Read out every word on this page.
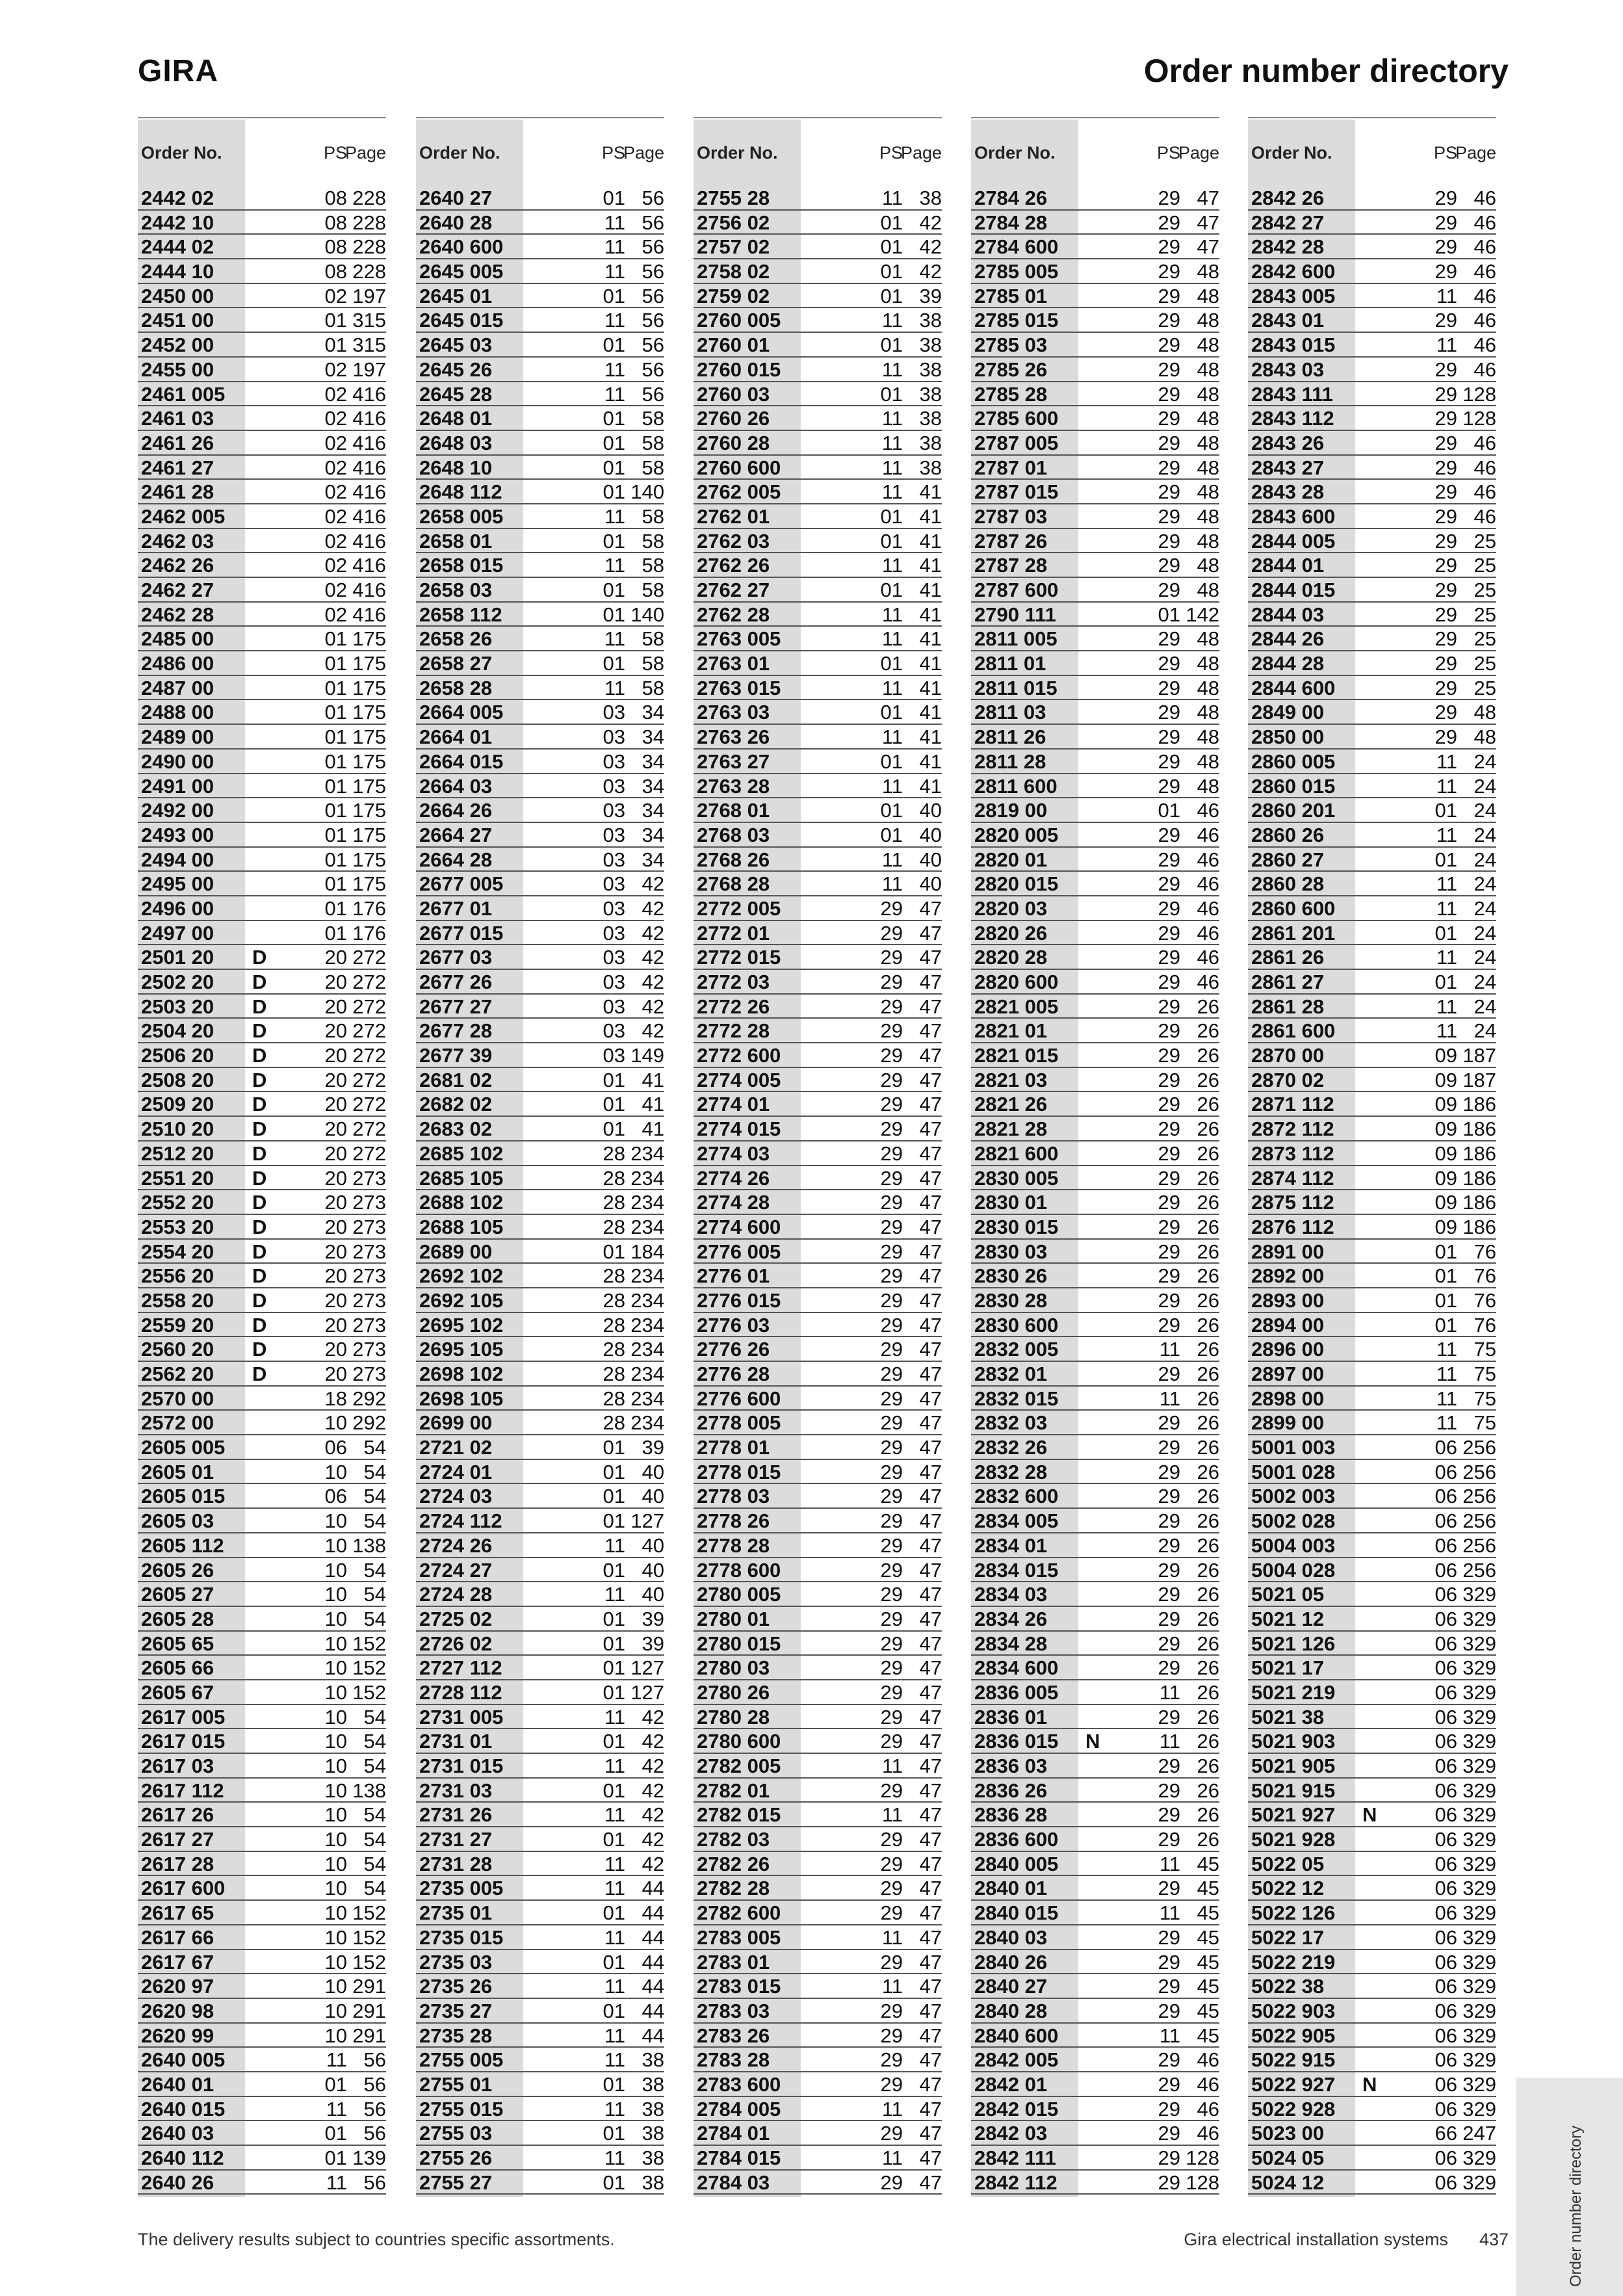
GIRA	Order number directory
Order No.	PS
Page
2442 02	08 228
2442 10	08 228
2444 02	08 228
2444 10	08 228
2450 00	02 197
2451 00	01 315
2452 00	01 315
2455 00	02 197
2461 005	02 416
2461 03	02 416
2461 26	02 416
2461 27	02 416
2461 28	02 416
2462 005	02 416
2462 03	02 416
2462 26	02 416
2462 27	02 416
2462 28	02 416
2485 00	01 175
2486 00	01 175
2487 00	01 175
2488 00	01 175
2489 00	01 175
2490 00	01 175
2491 00	01 175
2492 00	01 175
2493 00	01 175
2494 00	01 175
2495 00	01 175
2496 00	01 176
2497 00	01 176
2501 20 D	20 272
2502 20 D	20 272
2503 20 D	20 272
2504 20 D	20 272
2506 20 D	20 272
2508 20 D	20 272
2509 20 D	20 272
2510 20 D	20 272
2512 20 D	20 272
2551 20 D	20 273
2552 20 D	20 273
2553 20 D	20 273
2554 20 D	20 273
2556 20 D	20 273
2558 20 D	20 273
2559 20 D	20 273
2560 20 D	20 273
2562 20 D	20 273
2570 00	18 292
2572 00	10 292
2605 005	06 54
2605 01	10 54
2605 015	06 54
2605 03	10 54
2605 112	10 138
2605 26	10 54
2605 27	10 54
2605 28	10 54
2605 65	10 152
2605 66	10 152
2605 67	10 152
2617 005	10 54
2617 015	10 54
2617 03	10 54
2617 112	10 138
2617 26	10 54
2617 27	10 54
2617 28	10 54
2617 600	10 54
2617 65	10 152
2617 66	10 152
2617 67	10 152
2620 97	10 291
2620 98	10 291
2620 99	10 291
2640 005	11 56
2640 01	01 56
2640 015	11 56
2640 03	01 56
2640 112	01 139
2640 26	11 56
Order No.	PS
Page
2640 27	01 56
2640 28	11 56
2640 600	11 56
2645 005	11 56
2645 01	01 56
2645 015	11 56
2645 03	01 56
2645 26	11 56
2645 28	11 56
2648 01	01 58
2648 03	01 58
2648 10	01 58
2648 112	01 140
2658 005	11 58
2658 01	01 58
2658 015	11 58
2658 03	01 58
2658 112	01 140
2658 26	11 58
2658 27	01 58
2658 28	11 58
2664 005	03 34
2664 01	03 34
2664 015	03 34
2664 03	03 34
2664 26	03 34
2664 27	03 34
2664 28	03 34
2677 005	03 42
2677 01	03 42
2677 015	03 42
2677 03	03 42
2677 26	03 42
2677 27	03 42
2677 28	03 42
2677 39	03 149
2681 02	01 41
2682 02	01 41
2683 02	01 41
2685 102	28 234
2685 105	28 234
2688 102	28 234
2688 105	28 234
2689 00	01 184
2692 102	28 234
2692 105	28 234
2695 102	28 234
2695 105	28 234
2698 102	28 234
2698 105	28 234
2699 00	28 234
2721 02	01 39
2724 01	01 40
2724 03	01 40
2724 112	01 127
2724 26	11 40
2724 27	01 40
2724 28	11 40
2725 02	01 39
2726 02	01 39
2727 112	01 127
2728 112	01 127
2731 005	11 42
2731 01	01 42
2731 015	11 42
2731 03	01 42
2731 26	11 42
2731 27	01 42
2731 28	11 42
2735 005	11 44
2735 01	01 44
2735 015	11 44
2735 03	01 44
2735 26	11 44
2735 27	01 44
2735 28	11 44
2755 005	11 38
2755 01	01 38
2755 015	11 38
2755 03	01 38
2755 26	11 38
2755 27	01 38
Order No.	PS
Page
2755 28	11 38
2756 02	01 42
2757 02	01 42
2758 02	01 42
2759 02	01 39
2760 005	11 38
2760 01	01 38
2760 015	11 38
2760 03	01 38
2760 26	11 38
2760 28	11 38
2760 600	11 38
2762 005	11 41
2762 01	01 41
2762 03	01 41
2762 26	11 41
2762 27	01 41
2762 28	11 41
2763 005	11 41
2763 01	01 41
2763 015	11 41
2763 03	01 41
2763 26	11 41
2763 27	01 41
2763 28	11 41
2768 01	01 40
2768 03	01 40
2768 26	11 40
2768 28	11 40
2772 005	29 47
2772 01	29 47
2772 015	29 47
2772 03	29 47
2772 26	29 47
2772 28	29 47
2772 600	29 47
2774 005	29 47
2774 01	29 47
2774 015	29 47
2774 03	29 47
2774 26	29 47
2774 28	29 47
2774 600	29 47
2776 005	29 47
2776 01	29 47
2776 015	29 47
2776 03	29 47
2776 26	29 47
2776 28	29 47
2776 600	29 47
2778 005	29 47
2778 01	29 47
2778 015	29 47
2778 03	29 47
2778 26	29 47
2778 28	29 47
2778 600	29 47
2780 005	29 47
2780 01	29 47
2780 015	29 47
2780 03	29 47
2780 26	29 47
2780 28	29 47
2780 600	29 47
2782 005	11 47
2782 01	29 47
2782 015	11 47
2782 03	29 47
2782 26	29 47
2782 28	29 47
2782 600	29 47
2783 005	11 47
2783 01	29 47
2783 015	11 47
2783 03	29 47
2783 26	29 47
2783 28	29 47
2783 600	29 47
2784 005	11 47
2784 01	29 47
2784 015	11 47
2784 03	29 47
Order No.	PS
Page
2784 26	29 47
2784 28	29 47
2784 600	29 47
2785 005	29 48
2785 01	29 48
2785 015	29 48
2785 03	29 48
2785 26	29 48
2785 28	29 48
2785 600	29 48
2787 005	29 48
2787 01	29 48
2787 015	29 48
2787 03	29 48
2787 26	29 48
2787 28	29 48
2787 600	29 48
2790 111	01 142
2811 005	29 48
2811 01	29 48
2811 015	29 48
2811 03	29 48
2811 26	29 48
2811 28	29 48
2811 600	29 48
2819 00	01 46
2820 005	29 46
2820 01	29 46
2820 015	29 46
2820 03	29 46
2820 26	29 46
2820 28	29 46
2820 600	29 46
2821 005	29 26
2821 01	29 26
2821 015	29 26
2821 03	29 26
2821 26	29 26
2821 28	29 26
2821 600	29 26
2830 005	29 26
2830 01	29 26
2830 015	29 26
2830 03	29 26
2830 26	29 26
2830 28	29 26
2830 600	29 26
2832 005	11 26
2832 01	29 26
2832 015	11 26
2832 03	29 26
2832 26	29 26
2832 28	29 26
2832 600	29 26
2834 005	29 26
2834 01	29 26
2834 015	29 26
2834 03	29 26
2834 26	29 26
2834 28	29 26
2834 600	29 26
2836 005	11 26
2836 01	29 26
2836 015 N	11 26
2836 03	29 26
2836 26	29 26
2836 28	29 26
2836 600	29 26
2840 005	11 45
2840 01	29 45
2840 015	11 45
2840 03	29 45
2840 26	29 45
2840 27	29 45
2840 28	29 45
2840 600	11 45
2842 005	29 46
2842 01	29 46
2842 015	29 46
2842 03	29 46
2842 111	29 128
2842 112	29 128
Order No.	PS
Page
2842 26	29 46
2842 27	29 46
2842 28	29 46
2842 600	29 46
2843 005	11 46
2843 01	29 46
2843 015	11 46
2843 03	29 46
2843 111	29 128
2843 112	29 128
2843 26	29 46
2843 27	29 46
2843 28	29 46
2843 600	29 46
2844 005	29 25
2844 01	29 25
2844 015	29 25
2844 03	29 25
2844 26	29 25
2844 28	29 25
2844 600	29 25
2849 00	29 48
2850 00	29 48
2860 005	11 24
2860 015	11 24
2860 201	01 24
2860 26	11 24
2860 27	01 24
2860 28	11 24
2860 600	11 24
2861 201	01 24
2861 26	11 24
2861 27	01 24
2861 28	11 24
2861 600	11 24
2870 00	09 187
2870 02	09 187
2871 112	09 186
2872 112	09 186
2873 112	09 186
2874 112	09 186
2875 112	09 186
2876 112	09 186
2891 00	01 76
2892 00	01 76
2893 00	01 76
2894 00	01 76
2896 00	11 75
2897 00	11 75
2898 00	11 75
2899 00	11 75
5001 003	06 256
5001 028	06 256
5002 003	06 256
5002 028	06 256
5004 003	06 256
5004 028	06 256
5021 05	06 329
5021 12	06 329
5021 126	06 329
5021 17	06 329
5021 219	06 329
5021 38	06 329
5021 903	06 329
5021 905	06 329
5021 915	06 329
5021 927 N	06 329
5021 928	06 329
5022 05	06 329
5022 12	06 329
5022 126	06 329
5022 17	06 329
5022 219	06 329
5022 38	06 329
5022 903	06 329
5022 905	06 329
5022 915	06 329
5022 927 N	06 329
5022 928	06 329
5023 00	66 247
5024 05	06 329
5024 12	06 329
The delivery results subject to countries specific assortments.	Gira electrical installation systems 437	Order number directory
